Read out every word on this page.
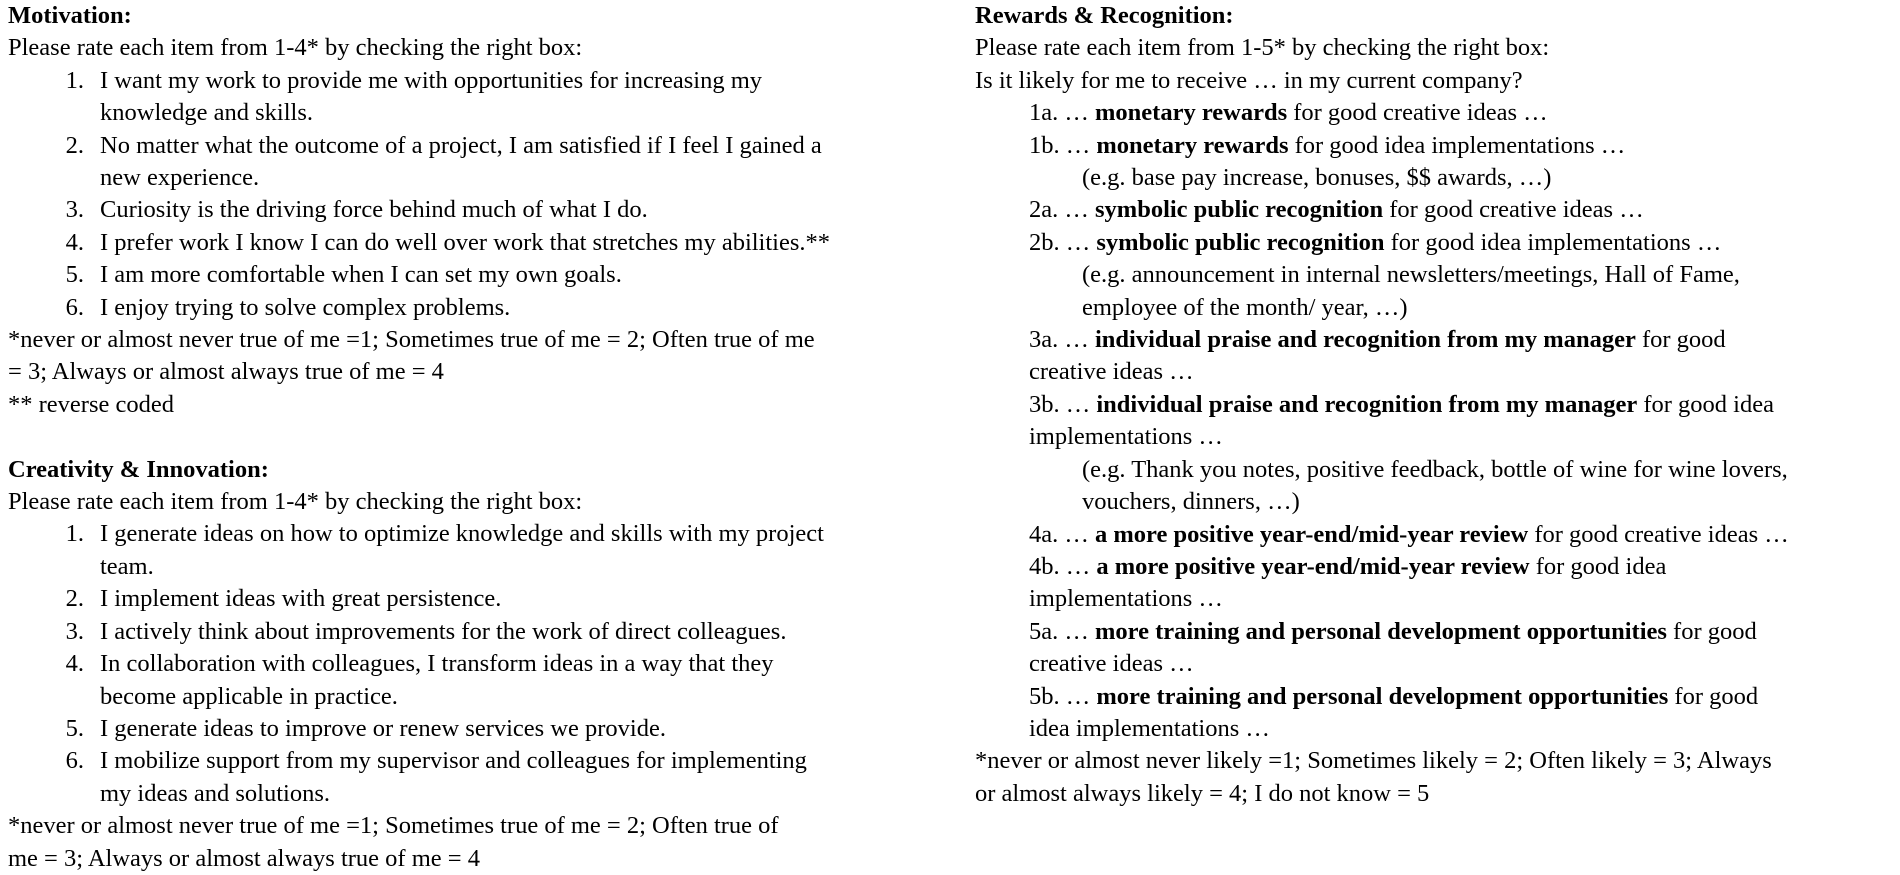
Motivation:

Please rate each item from 1-4* by checking the right box:

1. I want my work to provide me with opportunities for increasing my
knowledge and skills.
2. No matter what the outcome of a project, I am satisfied if I feel I gained a
new experience.
3. Curiosity is the driving force behind much of what I do.
4. I prefer work I know I can do well over work that stretches my abilities.**
5. I am more comfortable when I can set my own goals.
6. I enjoy trying to solve complex problems.

*never or almost never true of me =1; Sometimes true of me = 2; Often true of me

= 3; Always or almost always true of me = 4

** reverse coded

Creativity & Innovation:

Please rate each item from 1-4* by checking the right box:

1. I generate ideas on how to optimize knowledge and skills with my project
team.
2. I implement ideas with great persistence.
3. I actively think about improvements for the work of direct colleagues.
4. In collaboration with colleagues, I transform ideas in a way that they
become applicable in practice.
5. I generate ideas to improve or renew services we provide.
6. I mobilize support from my supervisor and colleagues for implementing
my ideas and solutions.

*never or almost never true of me =1; Sometimes true of me = 2; Often true of

me = 3; Always or almost always true of me = 4

Rewards & Recognition:

Please rate each item from 1-5* by checking the right box:

Is it likely for me to receive … in my current company?

1a. … monetary rewards for good creative ideas …

1b. … monetary rewards for good idea implementations …

(e.g. base pay increase, bonuses, $$ awards, …)

2a. … symbolic public recognition for good creative ideas …

2b. … symbolic public recognition for good idea implementations …

(e.g. announcement in internal newsletters/meetings, Hall of Fame,

employee of the month/ year, …)

3a. … individual praise and recognition from my manager for good

creative ideas …

3b. … individual praise and recognition from my manager for good idea

implementations …

(e.g. Thank you notes, positive feedback, bottle of wine for wine lovers,

vouchers, dinners, …)

4a. … a more positive year-end/mid-year review for good creative ideas …

4b. … a more positive year-end/mid-year review for good idea

implementations …

5a. … more training and personal development opportunities for good

creative ideas …

5b. … more training and personal development opportunities for good

idea implementations …

*never or almost never likely =1; Sometimes likely = 2; Often likely = 3; Always

or almost always likely = 4; I do not know = 5
